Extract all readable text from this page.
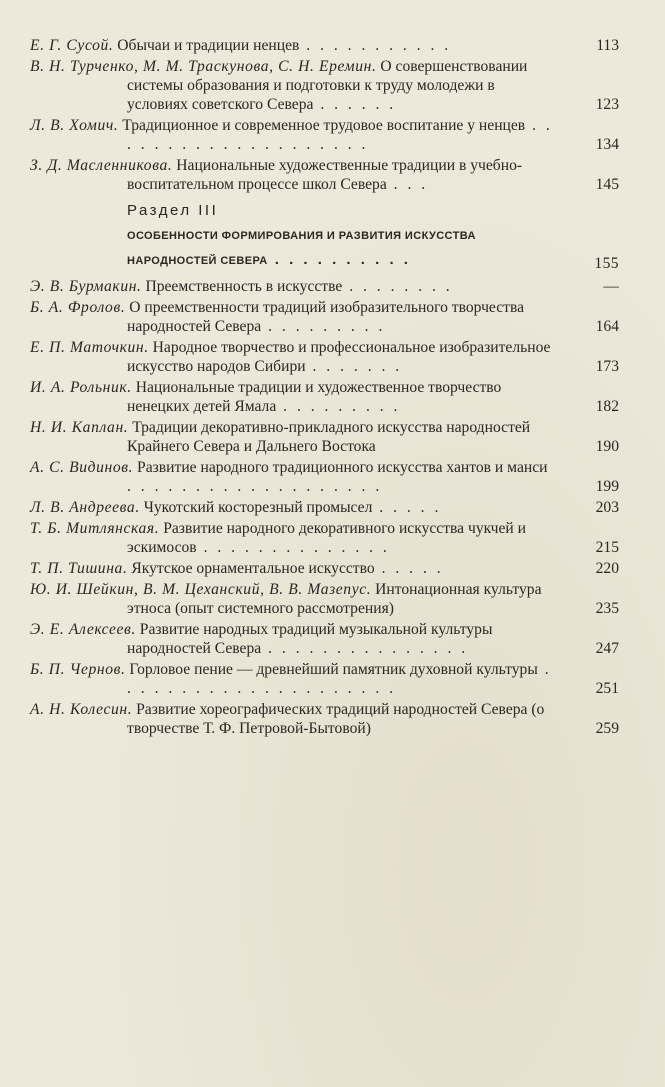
Е. Г. Сусой. Обычаи и традиции ненцев . . . . . . . . . . .	113
В. Н. Турченко, М. М. Траскунова, С. Н. Еремин. О совершенствовании системы образования и подготовки к труду молодежи в условиях советского Севера . . . . . .	123
Л. В. Хомич. Традиционное и современное трудовое воспитание у ненцев . . . . . . . . . . . . . . . . . . . .	134
З. Д. Масленникова. Национальные художественные традиции в учебно-воспитательном процессе школ Севера . . .	145
Раздел III
ОСОБЕННОСТИ ФОРМИРОВАНИЯ И РАЗВИТИЯ ИСКУССТВА НАРОДНОСТЕЙ СЕВЕРА . . . . . . . . . .	155
Э. В. Бурмакин. Преемственность в искусстве . . . . . . . .	—
Б. А. Фролов. О преемственности традиций изобразительного творчества народностей Севера . . . . . . . . .	164
Е. П. Маточкин. Народное творчество и профессиональное изобразительное искусство народов Сибири . . . . . . .	173
И. А. Рольник. Национальные традиции и художественное творчество ненецких детей Ямала . . . . . . . . .	182
Н. И. Каплан. Традиции декоративно-прикладного искусства народностей Крайнего Севера и Дальнего Востока	190
А. С. Видинов. Развитие народного традиционного искусства хантов и манси . . . . . . . . . . . . . . . . . . .	199
Л. В. Андреева. Чукотский косторезный промысел . . . . .	203
Т. Б. Митлянская. Развитие народного декоративного искусства чукчей и эскимосов . . . . . . . . . . . . . .	215
Т. П. Тишина. Якутское орнаментальное искусство . . . . .	220
Ю. И. Шейкин, В. М. Цеханский, В. В. Мазепус. Интонационная культура этноса (опыт системного рассмотрения)	235
Э. Е. Алексеев. Развитие народных традиций музыкальной культуры народностей Севера . . . . . . . . . . . . . . .	247
Б. П. Чернов. Горловое пение — древнейший памятник духовной культуры . . . . . . . . . . . . . . . . . . . . .	251
А. Н. Колесин. Развитие хореографических традиций народностей Севера (о творчестве Т. Ф. Петровой-Бытовой)	259
